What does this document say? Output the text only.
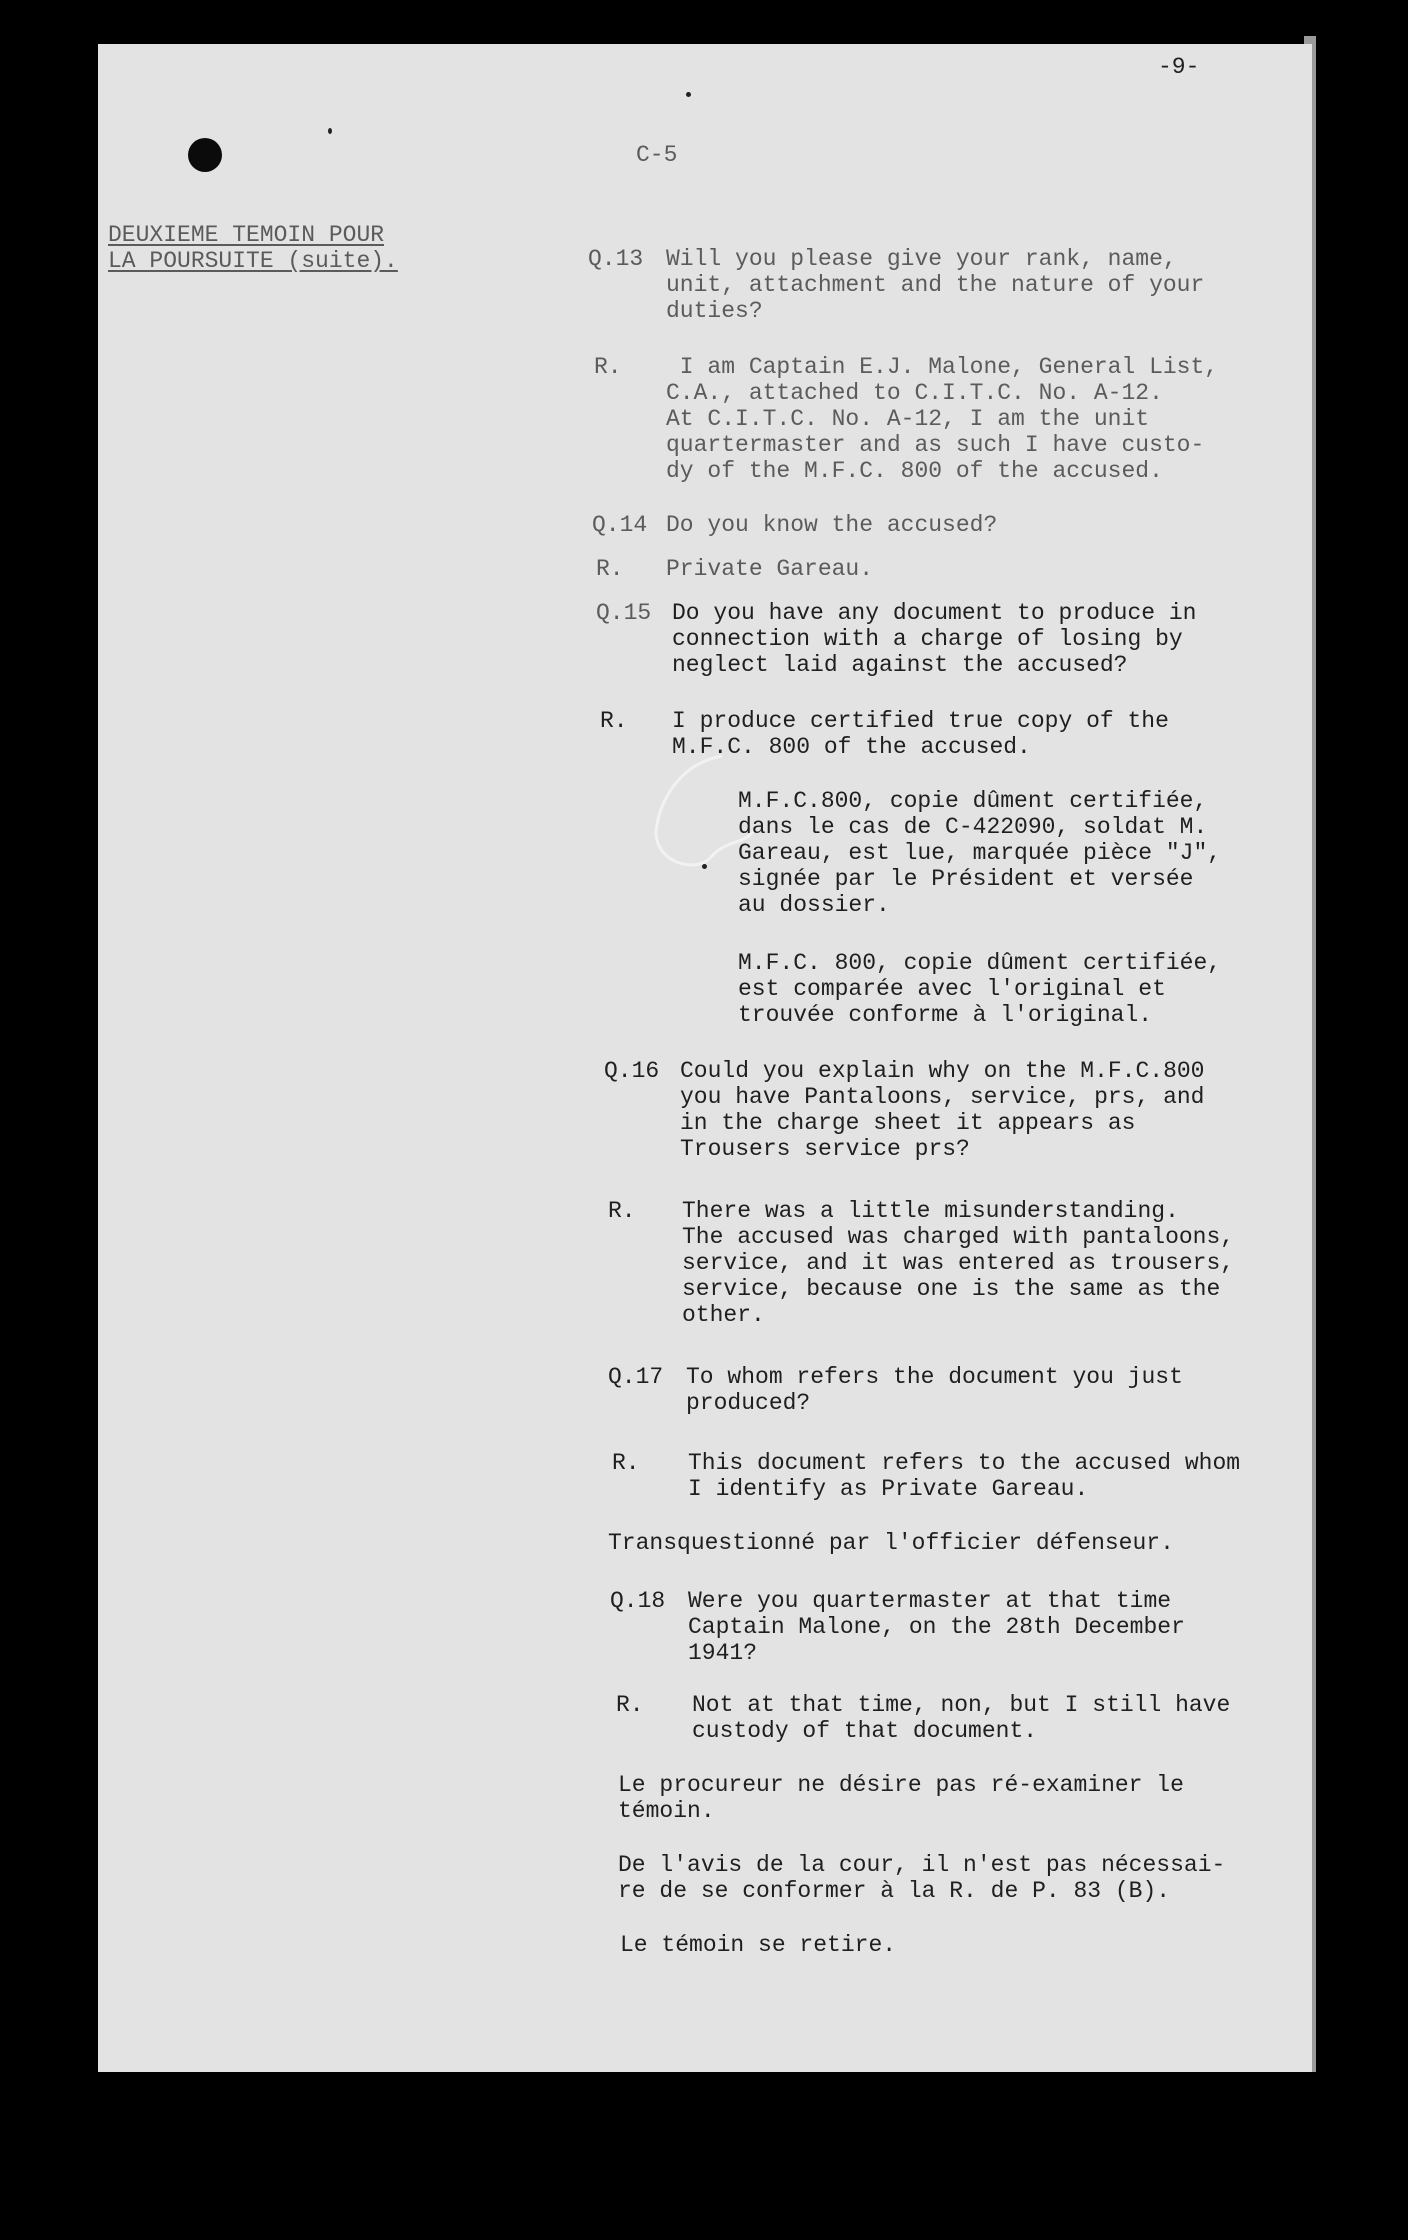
-9-
C-5
DEUXIEME TEMOIN POUR
LA POURSUITE (suite).	Q.13 Will you please give your rank, name,
unit, attachment and the nature of your
duties?
R. I am Captain E.J. Malone, General List,
C.A., attached to C.I.T.C. No. A-12.
At C.I.T.C. No. A-12, I am the unit
quartermaster and as such I have custo-
dy of the M.F.C. 800 of the accused.
Q.14 Do you know the accused?
R. Private Gareau.
Q.15 Do you have any document to produce in
connection with a charge of losing by
neglect laid against the accused?
R. I produce certified true copy of the
M.F.C. 800 of the accused.
M.F.C.800, copie dûment certifiée,
dans le cas de C-422090, soldat M.
Gareau, est lue, marquée pièce "J",
signée par le Président et versée
au dossier.
M.F.C. 800, copie dûment certifiée,
est comparée avec l'original et
trouvée conforme à l'original.
Q.16 Could you explain why on the M.F.C.800
you have Pantaloons, service, prs, and
in the charge sheet it appears as
Trousers service prs?
R. There was a little misunderstanding.
The accused was charged with pantaloons,
service, and it was entered as trousers,
service, because one is the same as the
other.
Q.17 To whom refers the document you just
produced?
R. This document refers to the accused whom
I identify as Private Gareau.
Transquestionné par l'officier défenseur.
Q.18 Were you quartermaster at that time
Captain Malone, on the 28th December
1941?
R. Not at that time, non, but I still have
custody of that document.
Le procureur ne désire pas ré-examiner le
témoin.
De l'avis de la cour, il n'est pas nécessai-
re de se conformer à la R. de P. 83 (B).
Le témoin se retire.
